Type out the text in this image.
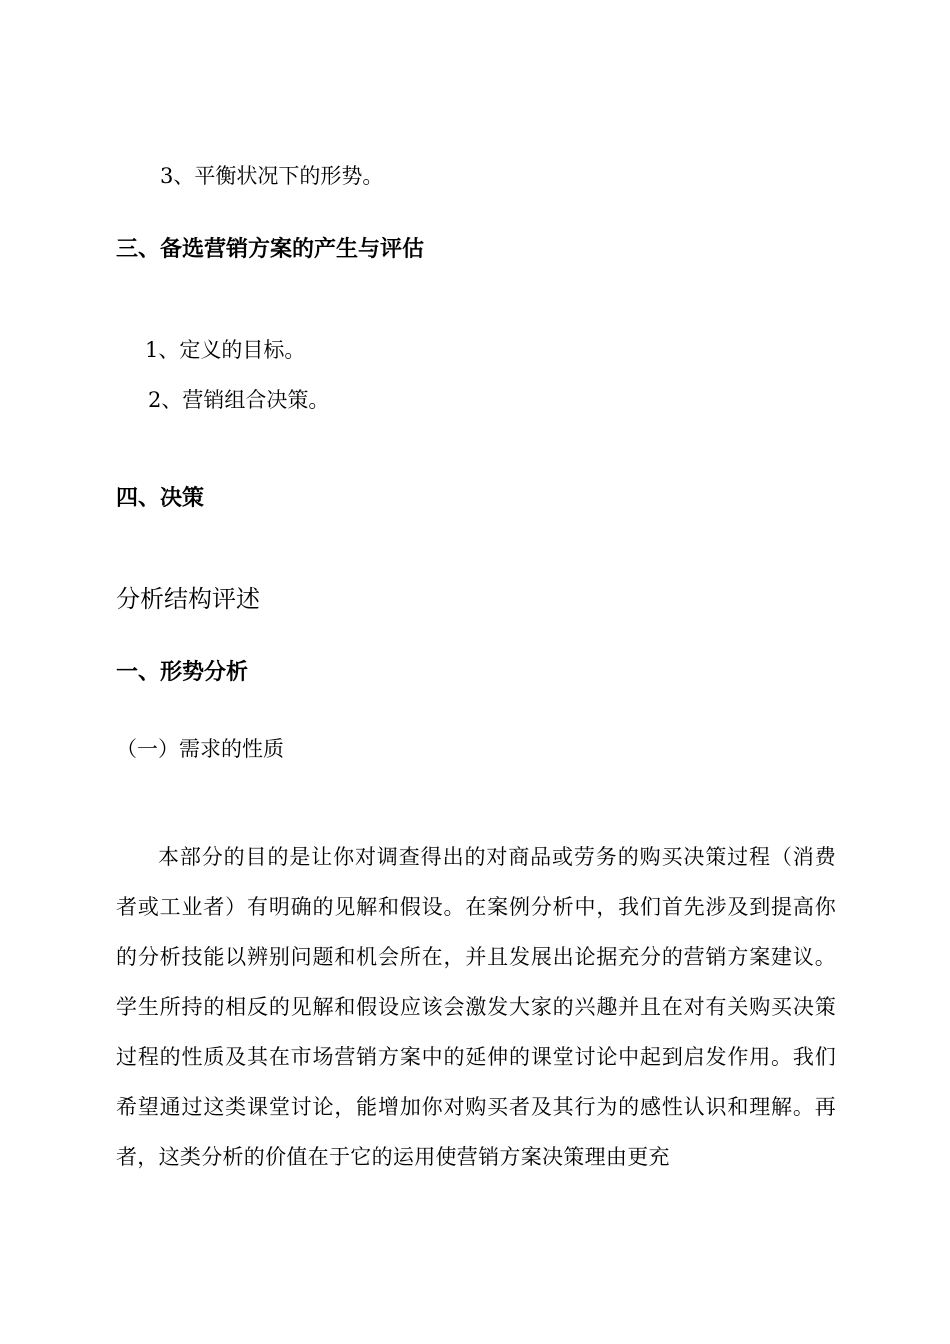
3、平衡状况下的形势。
三、备选营销方案的产生与评估
1、定义的目标。
2、营销组合决策。
四、决策
分析结构评述
一、形势分析
（一）需求的性质
本部分的目的是让你对调查得出的对商品或劳务的购买决策过程（消费者或工业者）有明确的见解和假设。在案例分析中，我们首先涉及到提高你的分析技能以辨别问题和机会所在，并且发展出论据充分的营销方案建议。学生所持的相反的见解和假设应该会激发大家的兴趣并且在对有关购买决策过程的性质及其在市场营销方案中的延伸的课堂讨论中起到启发作用。我们希望通过这类课堂讨论，能增加你对购买者及其行为的感性认识和理解。再者，这类分析的价值在于它的运用使营销方案决策理由更充
